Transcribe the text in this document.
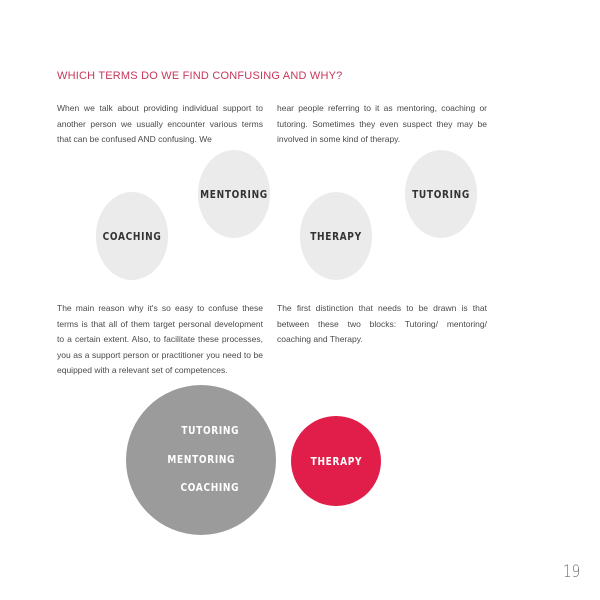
WHICH TERMS DO WE FIND CONFUSING AND WHY?
When we talk about providing individual support to another person we usually encounter various terms that can be confused AND confusing. We
hear people referring to it as mentoring, coaching or tutoring. Sometimes they even suspect they may be involved in some kind of therapy.
COACHING
MENTORING
THERAPY
TUTORING
The main reason why it's so easy to confuse these terms is that all of them target personal development to a certain extent. Also, to facilitate these processes, you as a support person or practitioner you need to be equipped with a relevant set of competences.
The first distinction that needs to be drawn is that between these two blocks: Tutoring/ mentoring/ coaching and Therapy.
TUTORING
MENTORING
COACHING
THERAPY
19
